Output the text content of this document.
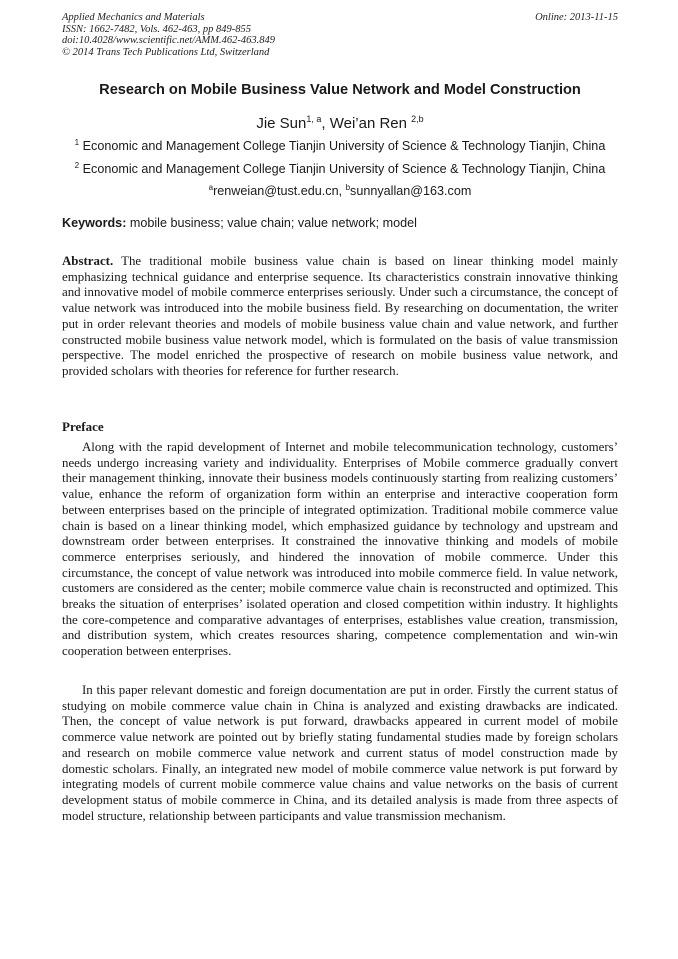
Applied Mechanics and Materials
ISSN: 1662-7482, Vols. 462-463, pp 849-855
doi:10.4028/www.scientific.net/AMM.462-463.849
© 2014 Trans Tech Publications Ltd, Switzerland
Online: 2013-11-15
Research on Mobile Business Value Network and Model Construction
Jie Sun$^{1, a}$, Wei’an Ren $^{2,b}$
$^1$ Economic and Management College Tianjin University of Science & Technology Tianjin, China
$^2$ Economic and Management College Tianjin University of Science & Technology Tianjin, China
$^a$renweian@tust.edu.cn, $^b$sunnyallan@163.com
Keywords: mobile business; value chain; value network; model
Abstract. The traditional mobile business value chain is based on linear thinking model mainly emphasizing technical guidance and enterprise sequence. Its characteristics constrain innovative thinking and innovative model of mobile commerce enterprises seriously. Under such a circumstance, the concept of value network was introduced into the mobile business field. By researching on documentation, the writer put in order relevant theories and models of mobile business value chain and value network, and further constructed mobile business value network model, which is formulated on the basis of value transmission perspective. The model enriched the prospective of research on mobile business value network, and provided scholars with theories for reference for further research.
Preface
Along with the rapid development of Internet and mobile telecommunication technology, customers’ needs undergo increasing variety and individuality. Enterprises of Mobile commerce gradually convert their management thinking, innovate their business models continuously starting from realizing customers’ value, enhance the reform of organization form within an enterprise and interactive cooperation form between enterprises based on the principle of integrated optimization. Traditional mobile commerce value chain is based on a linear thinking model, which emphasized guidance by technology and upstream and downstream order between enterprises. It constrained the innovative thinking and models of mobile commerce enterprises seriously, and hindered the innovation of mobile commerce. Under this circumstance, the concept of value network was introduced into mobile commerce field. In value network, customers are considered as the center; mobile commerce value chain is reconstructed and optimized. This breaks the situation of enterprises’ isolated operation and closed competition within industry. It highlights the core-competence and comparative advantages of enterprises, establishes value creation, transmission, and distribution system, which creates resources sharing, competence complementation and win-win cooperation between enterprises.
In this paper relevant domestic and foreign documentation are put in order. Firstly the current status of studying on mobile commerce value chain in China is analyzed and existing drawbacks are indicated. Then, the concept of value network is put forward, drawbacks appeared in current model of mobile commerce value network are pointed out by briefly stating fundamental studies made by foreign scholars and research on mobile commerce value network and current status of model construction made by domestic scholars. Finally, an integrated new model of mobile commerce value network is put forward by integrating models of current mobile commerce value chains and value networks on the basis of current development status of mobile commerce in China, and its detailed analysis is made from three aspects of model structure, relationship between participants and value transmission mechanism.
